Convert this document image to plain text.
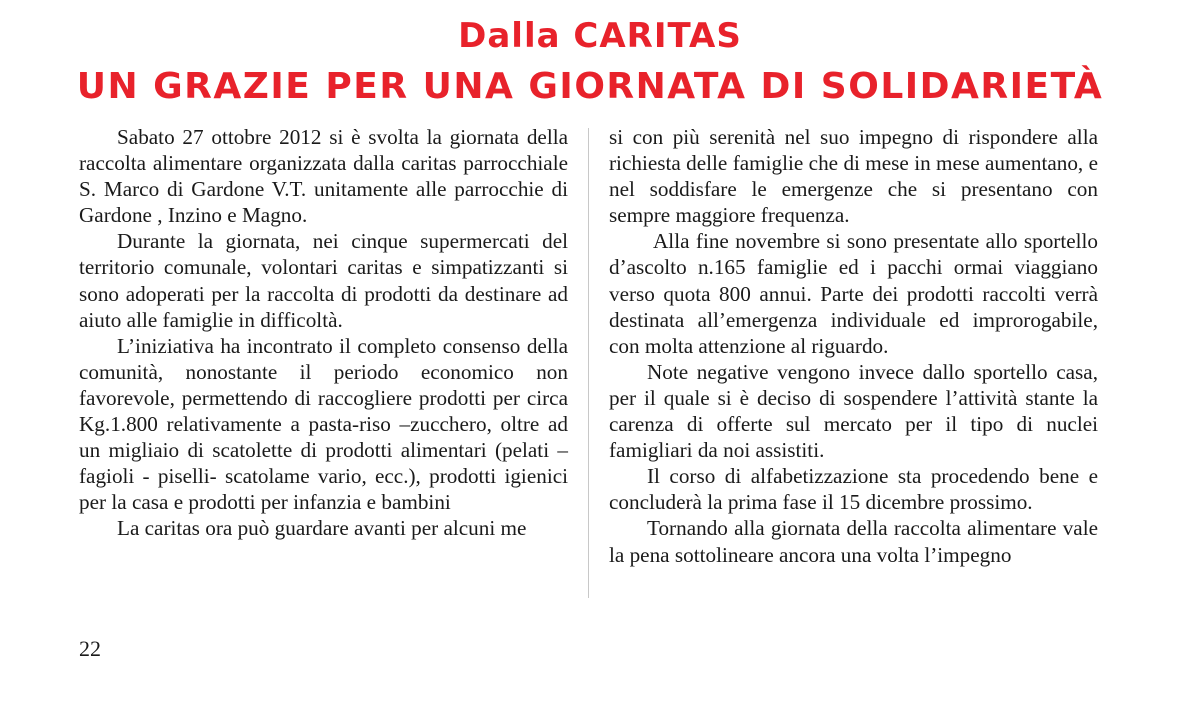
Dalla CARITAS
UN GRAZIE PER UNA GIORNATA DI SOLIDARIETÀ

Sabato 27 ottobre 2012 si è svolta la giornata della raccolta alimentare organizzata dalla caritas parrocchiale S. Marco di Gardone V.T. unitamente alle parrocchie di Gardone , Inzino e Magno.

Durante la giornata, nei cinque supermercati del territorio comunale, volontari caritas e simpatizzanti si sono adoperati per la raccolta di prodotti da destinare ad aiuto alle famiglie in difficoltà.

L’iniziativa ha incontrato il completo consenso della comunità, nonostante il periodo economico non favorevole, permettendo di raccogliere prodotti per circa Kg.1.800 relativamente a pasta-riso –zucchero, oltre ad un migliaio di scatolette di prodotti alimentari (pelati – fagioli - piselli- scatolame vario, ecc.), prodotti igienici per la casa e prodotti per infanzia e bambini

La caritas ora può guardare avanti per alcuni me

si con più serenità nel suo impegno di rispondere alla richiesta delle famiglie che di mese in mese aumentano, e nel soddisfare le emergenze che si presentano con sempre maggiore frequenza.

Alla fine novembre si sono presentate allo sportello d’ascolto n.165 famiglie ed i pacchi ormai viaggiano verso quota 800 annui. Parte dei prodotti raccolti verrà destinata all’emergenza individuale ed improrogabile, con molta attenzione al riguardo.

Note negative vengono invece dallo sportello casa, per il quale si è deciso di sospendere l’attività stante la carenza di offerte sul mercato per il tipo di nuclei famigliari da noi assistiti.

Il corso di alfabetizzazione sta procedendo bene e concluderà la prima fase il 15 dicembre prossimo.

Tornando alla giornata della raccolta alimentare vale la pena sottolineare ancora una volta l’impegno

22
